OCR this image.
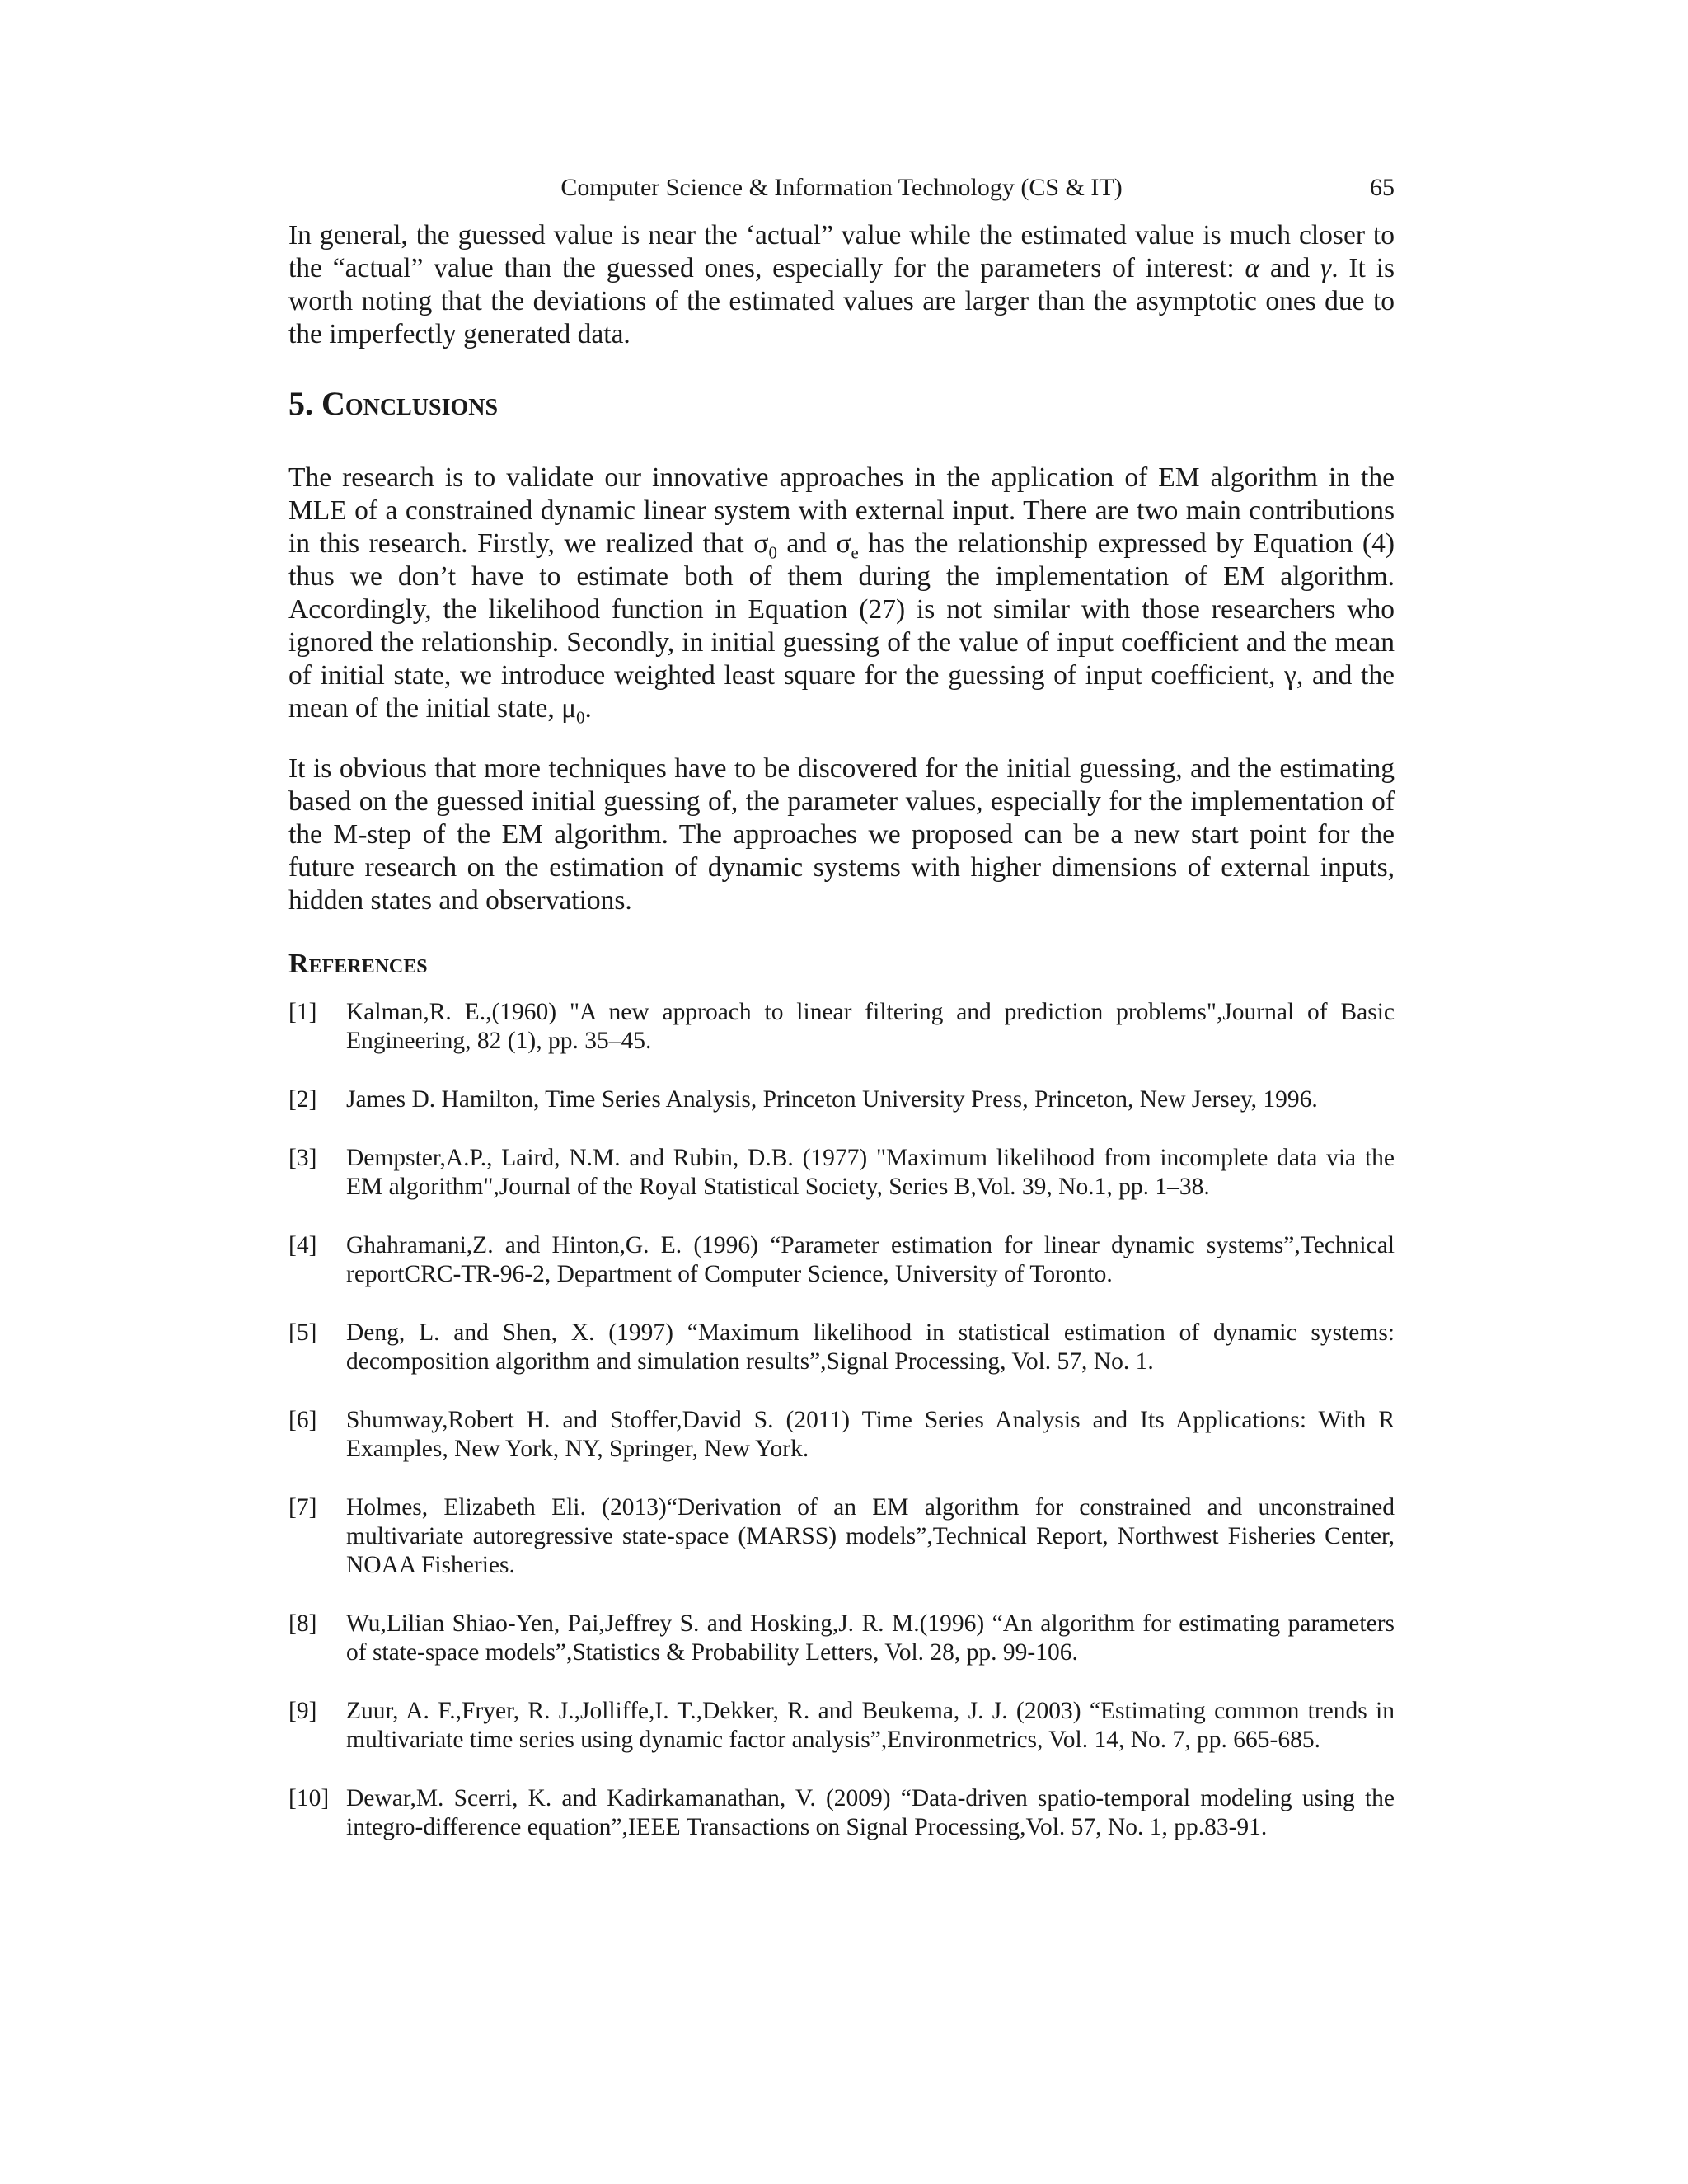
Computer Science & Information Technology (CS & IT)	65

In general, the guessed value is near the ‘actual” value while the estimated value is much closer to the “actual” value than the guessed ones, especially for the parameters of interest: α and γ. It is worth noting that the deviations of the estimated values are larger than the asymptotic ones due to the imperfectly generated data.

5. Conclusions

The research is to validate our innovative approaches in the application of EM algorithm in the MLE of a constrained dynamic linear system with external input. There are two main contributions in this research. Firstly, we realized that $\sigma_0$ and $\sigma_e$ has the relationship expressed by Equation (4) thus we don’t have to estimate both of them during the implementation of EM algorithm. Accordingly, the likelihood function in Equation (27) is not similar with those researchers who ignored the relationship. Secondly, in initial guessing of the value of input coefficient and the mean of initial state, we introduce weighted least square for the guessing of input coefficient, γ, and the mean of the initial state, $\mu_0$.

It is obvious that more techniques have to be discovered for the initial guessing, and the estimating based on the guessed initial guessing of, the parameter values, especially for the implementation of the M-step of the EM algorithm. The approaches we proposed can be a new start point for the future research on the estimation of dynamic systems with higher dimensions of external inputs, hidden states and observations.

References
[1] Kalman,R. E.,(1960) "A new approach to linear filtering and prediction problems",Journal of Basic Engineering, 82 (1), pp. 35–45.
[2] James D. Hamilton, Time Series Analysis, Princeton University Press, Princeton, New Jersey, 1996.
[3] Dempster,A.P., Laird, N.M. and Rubin, D.B. (1977) "Maximum likelihood from incomplete data via the EM algorithm",Journal of the Royal Statistical Society, Series B,Vol. 39, No.1, pp. 1–38.
[4] Ghahramani,Z. and Hinton,G. E. (1996) “Parameter estimation for linear dynamic systems”,Technical reportCRC-TR-96-2, Department of Computer Science, University of Toronto.
[5] Deng, L. and Shen, X. (1997) “Maximum likelihood in statistical estimation of dynamic systems: decomposition algorithm and simulation results”,Signal Processing, Vol. 57, No. 1.
[6] Shumway,Robert H. and Stoffer,David S. (2011) Time Series Analysis and Its Applications: With R Examples, New York, NY, Springer, New York.
[7] Holmes, Elizabeth Eli. (2013)“Derivation of an EM algorithm for constrained and unconstrained multivariate autoregressive state-space (MARSS) models”,Technical Report, Northwest Fisheries Center, NOAA Fisheries.
[8] Wu,Lilian Shiao-Yen, Pai,Jeffrey S. and Hosking,J. R. M.(1996) “An algorithm for estimating parameters of state-space models”,Statistics & Probability Letters, Vol. 28, pp. 99-106.
[9] Zuur, A. F.,Fryer, R. J.,Jolliffe,I. T.,Dekker, R. and Beukema, J. J. (2003) “Estimating common trends in multivariate time series using dynamic factor analysis”,Environmetrics, Vol. 14, No. 7, pp. 665-685.
[10] Dewar,M. Scerri, K. and Kadirkamanathan, V. (2009) “Data-driven spatio-temporal modeling using the integro-difference equation”,IEEE Transactions on Signal Processing,Vol. 57, No. 1, pp.83-91.
